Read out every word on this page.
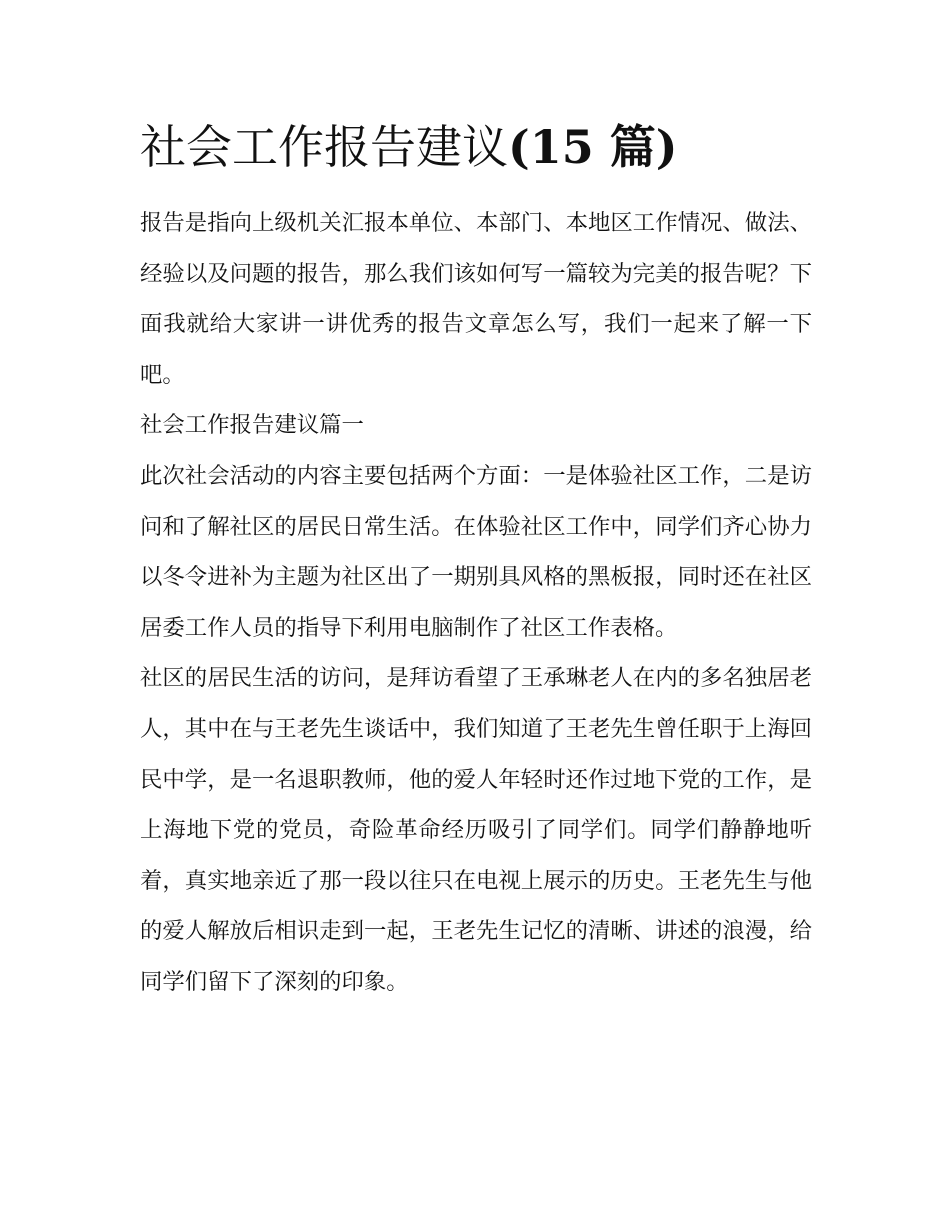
社会工作报告建议(15 篇)

报告是指向上级机关汇报本单位、本部门、本地区工作情况、做法、经验以及问题的报告，那么我们该如何写一篇较为完美的报告呢？下面我就给大家讲一讲优秀的报告文章怎么写，我们一起来了解一下吧。

社会工作报告建议篇一

此次社会活动的内容主要包括两个方面：一是体验社区工作，二是访问和了解社区的居民日常生活。在体验社区工作中，同学们齐心协力以冬令进补为主题为社区出了一期别具风格的黑板报，同时还在社区居委工作人员的指导下利用电脑制作了社区工作表格。

社区的居民生活的访问，是拜访看望了王承琳老人在内的多名独居老人，其中在与王老先生谈话中，我们知道了王老先生曾任职于上海回民中学，是一名退职教师，他的爱人年轻时还作过地下党的工作，是上海地下党的党员，奇险革命经历吸引了同学们。同学们静静地听着，真实地亲近了那一段以往只在电视上展示的历史。王老先生与他的爱人解放后相识走到一起，王老先生记忆的清晰、讲述的浪漫，给同学们留下了深刻的印象。
